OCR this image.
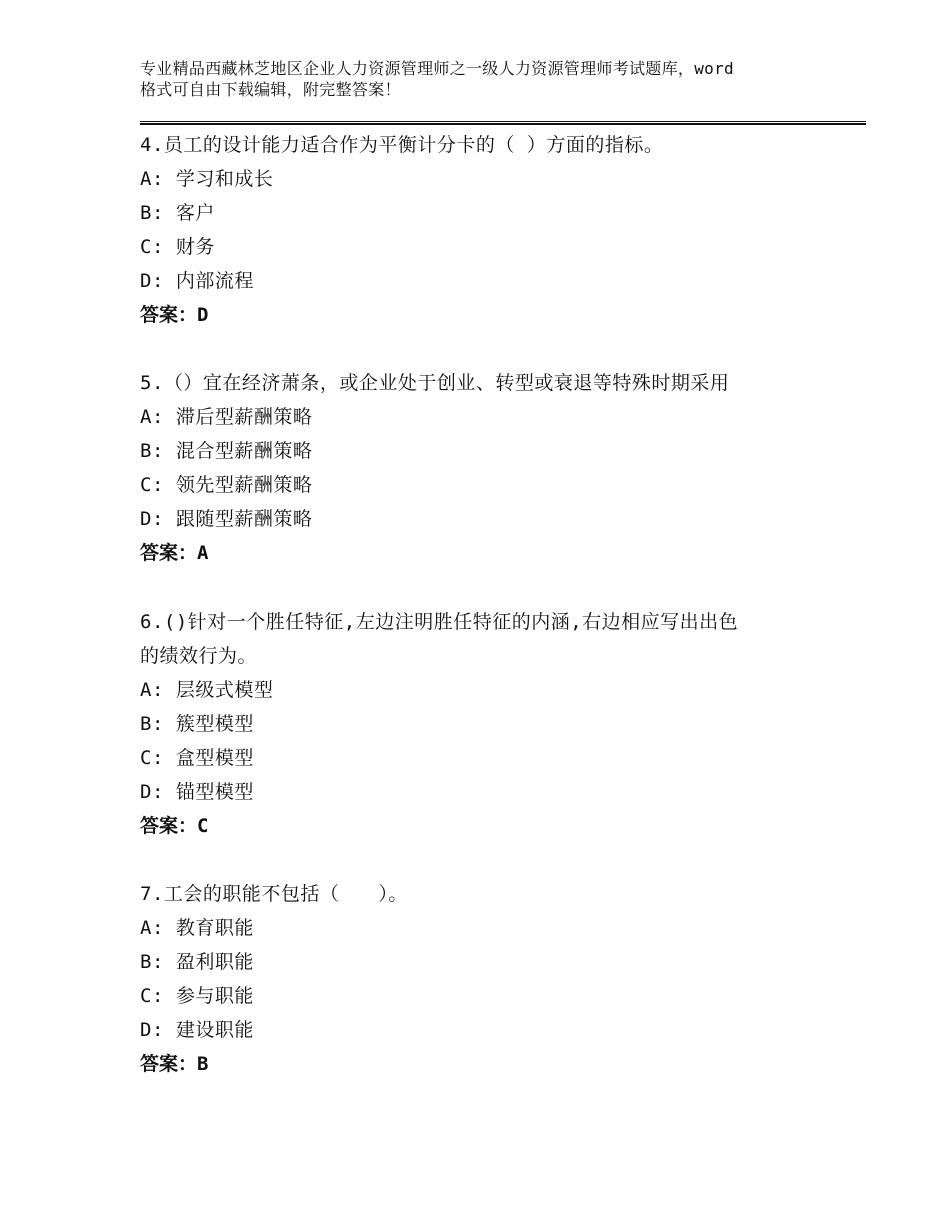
专业精品西藏林芝地区企业人力资源管理师之一级人力资源管理师考试题库，word
格式可自由下载编辑，附完整答案！

4.员工的设计能力适合作为平衡计分卡的（ ）方面的指标。

A: 学习和成长

B: 客户

C: 财务

D: 内部流程

答案：D

5.（）宜在经济萧条，或企业处于创业、转型或衰退等特殊时期采用

A: 滞后型薪酬策略

B: 混合型薪酬策略

C: 领先型薪酬策略

D: 跟随型薪酬策略

答案：A

6.()针对一个胜任特征,左边注明胜任特征的内涵,右边相应写出出色

的绩效行为。

A: 层级式模型

B: 簇型模型

C: 盒型模型

D: 锚型模型

答案：C

7.工会的职能不包括（　　）。

A: 教育职能

B: 盈利职能

C: 参与职能

D: 建设职能

答案：B
